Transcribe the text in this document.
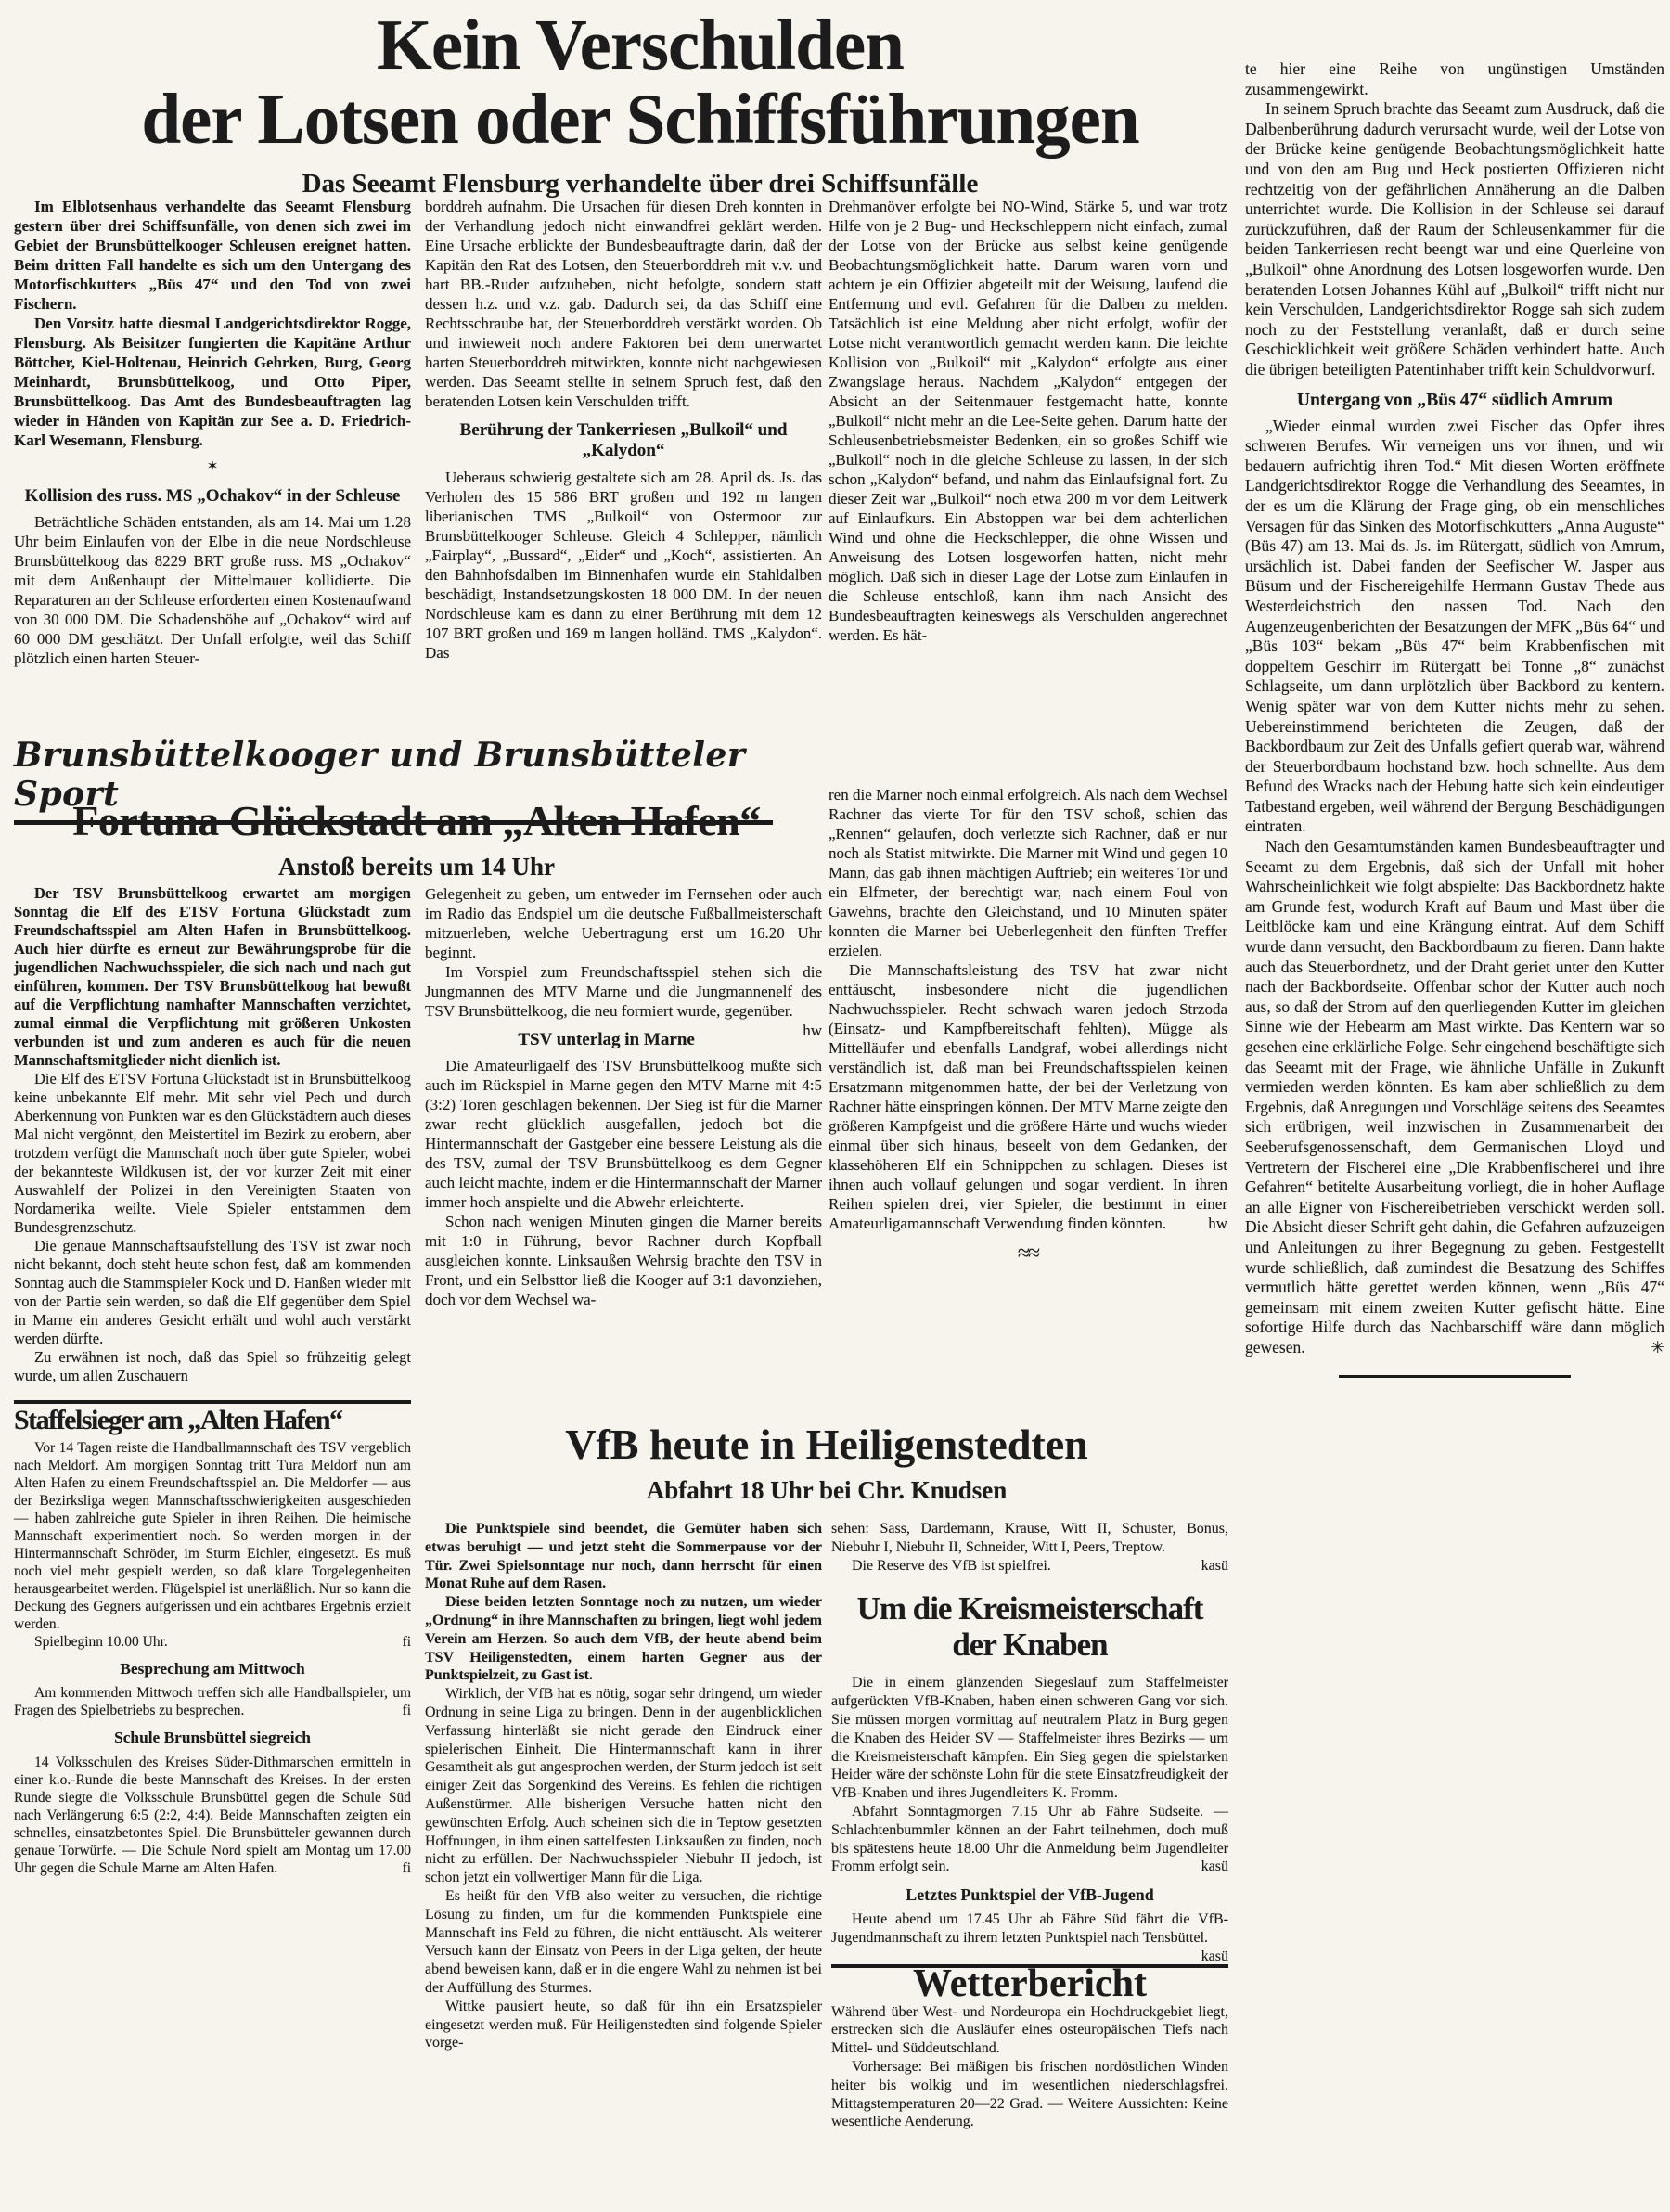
Kein Verschulden
der Lotsen oder Schiffsführungen
Das Seeamt Flensburg verhandelte über drei Schiffsunfälle

Im Elblotsenhaus verhandelte das Seeamt Flensburg gestern über drei Schiffsunfälle, von denen sich zwei im Gebiet der Brunsbüttelkooger Schleusen ereignet hatten. Beim dritten Fall handelte es sich um den Untergang des Motorfischkutters „Büs 47“ und den Tod von zwei Fischern.

Den Vorsitz hatte diesmal Landgerichtsdirektor Rogge, Flensburg. Als Beisitzer fungierten die Kapitäne Arthur Böttcher, Kiel-Holtenau, Heinrich Gehrken, Burg, Georg Meinhardt, Brunsbüttelkoog, und Otto Piper, Brunsbüttelkoog. Das Amt des Bundesbeauftragten lag wieder in Händen von Kapitän zur See a. D. Friedrich-Karl Wesemann, Flensburg.

✶
Kollision des russ. MS „Ochakov“ in der Schleuse

Beträchtliche Schäden entstanden, als am 14. Mai um 1.28 Uhr beim Einlaufen von der Elbe in die neue Nordschleuse Brunsbüttelkoog das 8229 BRT große russ. MS „Ochakov“ mit dem Außenhaupt der Mittelmauer kollidierte. Die Reparaturen an der Schleuse erforderten einen Kostenaufwand von 30 000 DM. Die Schadenshöhe auf „Ochakov“ wird auf 60 000 DM geschätzt. Der Unfall erfolgte, weil das Schiff plötzlich einen harten Steuer-

borddreh aufnahm. Die Ursachen für diesen Dreh konnten in der Verhandlung jedoch nicht einwandfrei geklärt werden. Eine Ursache erblickte der Bundesbeauftragte darin, daß der Kapitän den Rat des Lotsen, den Steuerborddreh mit v.v. und hart BB.-Ruder aufzuheben, nicht befolgte, sondern statt dessen h.z. und v.z. gab. Dadurch sei, da das Schiff eine Rechtsschraube hat, der Steuerborddreh verstärkt worden. Ob und inwieweit noch andere Faktoren bei dem unerwartet harten Steuerborddreh mitwirkten, konnte nicht nachgewiesen werden. Das Seeamt stellte in seinem Spruch fest, daß den beratenden Lotsen kein Verschulden trifft.

Berührung der Tankerriesen „Bulkoil“ und „Kalydon“

Ueberaus schwierig gestaltete sich am 28. April ds. Js. das Verholen des 15 586 BRT großen und 192 m langen liberianischen TMS „Bulkoil“ von Ostermoor zur Brunsbüttelkooger Schleuse. Gleich 4 Schlepper, nämlich „Fairplay“, „Bussard“, „Eider“ und „Koch“, assistierten. An den Bahnhofsdalben im Binnenhafen wurde ein Stahldalben beschädigt, Instandsetzungskosten 18 000 DM. In der neuen Nordschleuse kam es dann zu einer Berührung mit dem 12 107 BRT großen und 169 m langen holländ. TMS „Kalydon“. Das

Drehmanöver erfolgte bei NO-Wind, Stärke 5, und war trotz Hilfe von je 2 Bug- und Heckschleppern nicht einfach, zumal der Lotse von der Brücke aus selbst keine genügende Beobachtungsmöglichkeit hatte. Darum waren vorn und achtern je ein Offizier abgeteilt mit der Weisung, laufend die Entfernung und evtl. Gefahren für die Dalben zu melden. Tatsächlich ist eine Meldung aber nicht erfolgt, wofür der Lotse nicht verantwortlich gemacht werden kann. Die leichte Kollision von „Bulkoil“ mit „Kalydon“ erfolgte aus einer Zwangslage heraus. Nachdem „Kalydon“ entgegen der Absicht an der Seitenmauer festgemacht hatte, konnte „Bulkoil“ nicht mehr an die Lee-Seite gehen. Darum hatte der Schleusenbetriebsmeister Bedenken, ein so großes Schiff wie „Bulkoil“ noch in die gleiche Schleuse zu lassen, in der sich schon „Kalydon“ befand, und nahm das Einlaufsignal fort. Zu dieser Zeit war „Bulkoil“ noch etwa 200 m vor dem Leitwerk auf Einlaufkurs. Ein Abstoppen war bei dem achterlichen Wind und ohne die Heckschlepper, die ohne Wissen und Anweisung des Lotsen losgeworfen hatten, nicht mehr möglich. Daß sich in dieser Lage der Lotse zum Einlaufen in die Schleuse entschloß, kann ihm nach Ansicht des Bundesbeauftragten keineswegs als Verschulden angerechnet werden. Es hät-

te hier eine Reihe von ungünstigen Umständen zusammengewirkt.

In seinem Spruch brachte das Seeamt zum Ausdruck, daß die Dalbenberührung dadurch verursacht wurde, weil der Lotse von der Brücke keine genügende Beobachtungsmöglichkeit hatte und von den am Bug und Heck postierten Offizieren nicht rechtzeitig von der gefährlichen Annäherung an die Dalben unterrichtet wurde. Die Kollision in der Schleuse sei darauf zurückzuführen, daß der Raum der Schleusenkammer für die beiden Tankerriesen recht beengt war und eine Querleine von „Bulkoil“ ohne Anordnung des Lotsen losgeworfen wurde. Den beratenden Lotsen Johannes Kühl auf „Bulkoil“ trifft nicht nur kein Verschulden, Landgerichtsdirektor Rogge sah sich zudem noch zu der Feststellung veranlaßt, daß er durch seine Geschicklichkeit weit größere Schäden verhindert hatte. Auch die übrigen beteiligten Patentinhaber trifft kein Schuldvorwurf.

Untergang von „Büs 47“ südlich Amrum

„Wieder einmal wurden zwei Fischer das Opfer ihres schweren Berufes. Wir verneigen uns vor ihnen, und wir bedauern aufrichtig ihren Tod.“ Mit diesen Worten eröffnete Landgerichtsdirektor Rogge die Verhandlung des Seeamtes, in der es um die Klärung der Frage ging, ob ein menschliches Versagen für das Sinken des Motorfischkutters „Anna Auguste“ (Büs 47) am 13. Mai ds. Js. im Rütergatt, südlich von Amrum, ursächlich ist. Dabei fanden der Seefischer W. Jasper aus Büsum und der Fischereigehilfe Hermann Gustav Thede aus Westerdeichstrich den nassen Tod. Nach den Augenzeugenberichten der Besatzungen der MFK „Büs 64“ und „Büs 103“ bekam „Büs 47“ beim Krabbenfischen mit doppeltem Geschirr im Rütergatt bei Tonne „8“ zunächst Schlagseite, um dann urplötzlich über Backbord zu kentern. Wenig später war von dem Kutter nichts mehr zu sehen. Uebereinstimmend berichteten die Zeugen, daß der Backbordbaum zur Zeit des Unfalls gefiert querab war, während der Steuerbordbaum hochstand bzw. hoch schnellte. Aus dem Befund des Wracks nach der Hebung hatte sich kein eindeutiger Tatbestand ergeben, weil während der Bergung Beschädigungen eintraten.

Nach den Gesamtumständen kamen Bundesbeauftragter und Seeamt zu dem Ergebnis, daß sich der Unfall mit hoher Wahrscheinlichkeit wie folgt abspielte: Das Backbordnetz hakte am Grunde fest, wodurch Kraft auf Baum und Mast über die Leitblöcke kam und eine Krängung eintrat. Auf dem Schiff wurde dann versucht, den Backbordbaum zu fieren. Dann hakte auch das Steuerbordnetz, und der Draht geriet unter den Kutter nach der Backbordseite. Offenbar schor der Kutter auch noch aus, so daß der Strom auf den querliegenden Kutter im gleichen Sinne wie der Hebearm am Mast wirkte. Das Kentern war so gesehen eine erklärliche Folge. Sehr eingehend beschäftigte sich das Seeamt mit der Frage, wie ähnliche Unfälle in Zukunft vermieden werden könnten. Es kam aber schließlich zu dem Ergebnis, daß Anregungen und Vorschläge seitens des Seeamtes sich erübrigen, weil inzwischen in Zusammenarbeit der Seeberufsgenossenschaft, dem Germanischen Lloyd und Vertretern der Fischerei eine „Die Krabbenfischerei und ihre Gefahren“ betitelte Ausarbeitung vorliegt, die in hoher Auflage an alle Eigner von Fischereibetrieben verschickt werden soll. Die Absicht dieser Schrift geht dahin, die Gefahren aufzuzeigen und Anleitungen zu ihrer Begegnung zu geben. Festgestellt wurde schließlich, daß zumindest die Besatzung des Schiffes vermutlich hätte gerettet werden können, wenn „Büs 47“ gemeinsam mit einem zweiten Kutter gefischt hätte. Eine sofortige Hilfe durch das Nachbarschiff wäre dann möglich gewesen.	✳

Brunsbüttelkooger und Brunsbütteler Sport
Fortuna Glückstadt am „Alten Hafen“
Anstoß bereits um 14 Uhr

Der TSV Brunsbüttelkoog erwartet am morgigen Sonntag die Elf des ETSV Fortuna Glückstadt zum Freundschaftsspiel am Alten Hafen in Brunsbüttelkoog. Auch hier dürfte es erneut zur Bewährungsprobe für die jugendlichen Nachwuchsspieler, die sich nach und nach gut einführen, kommen. Der TSV Brunsbüttelkoog hat bewußt auf die Verpflichtung namhafter Mannschaften verzichtet, zumal einmal die Verpflichtung mit größeren Unkosten verbunden ist und zum anderen es auch für die neuen Mannschaftsmitglieder nicht dienlich ist.

Die Elf des ETSV Fortuna Glückstadt ist in Brunsbüttelkoog keine unbekannte Elf mehr. Mit sehr viel Pech und durch Aberkennung von Punkten war es den Glückstädtern auch dieses Mal nicht vergönnt, den Meistertitel im Bezirk zu erobern, aber trotzdem verfügt die Mannschaft noch über gute Spieler, wobei der bekannteste Wildkusen ist, der vor kurzer Zeit mit einer Auswahlelf der Polizei in den Vereinigten Staaten von Nordamerika weilte. Viele Spieler entstammen dem Bundesgrenzschutz.

Die genaue Mannschaftsaufstellung des TSV ist zwar noch nicht bekannt, doch steht heute schon fest, daß am kommenden Sonntag auch die Stammspieler Kock und D. Hanßen wieder mit von der Partie sein werden, so daß die Elf gegenüber dem Spiel in Marne ein anderes Gesicht erhält und wohl auch verstärkt werden dürfte.

Zu erwähnen ist noch, daß das Spiel so frühzeitig gelegt wurde, um allen Zuschauern

Staffelsieger am „Alten Hafen“

Vor 14 Tagen reiste die Handballmannschaft des TSV vergeblich nach Meldorf. Am morgigen Sonntag tritt Tura Meldorf nun am Alten Hafen zu einem Freundschaftsspiel an. Die Meldorfer — aus der Bezirksliga wegen Mannschaftsschwierigkeiten ausgeschieden — haben zahlreiche gute Spieler in ihren Reihen. Die heimische Mannschaft experimentiert noch. So werden morgen in der Hintermannschaft Schröder, im Sturm Eichler, eingesetzt. Es muß noch viel mehr gespielt werden, so daß klare Torgelegenheiten herausgearbeitet werden. Flügelspiel ist unerläßlich. Nur so kann die Deckung des Gegners aufgerissen und ein achtbares Ergebnis erzielt werden.

Spielbeginn 10.00 Uhr.	fi

Besprechung am Mittwoch

Am kommenden Mittwoch treffen sich alle Handballspieler, um Fragen des Spielbetriebs zu besprechen.	fi

Schule Brunsbüttel siegreich

14 Volksschulen des Kreises Süder-Dithmarschen ermitteln in einer k.o.-Runde die beste Mannschaft des Kreises. In der ersten Runde siegte die Volksschule Brunsbüttel gegen die Schule Süd nach Verlängerung 6:5 (2:2, 4:4). Beide Mannschaften zeigten ein schnelles, einsatzbetontes Spiel. Die Brunsbütteler gewannen durch genaue Torwürfe. — Die Schule Nord spielt am Montag um 17.00 Uhr gegen die Schule Marne am Alten Hafen.	fi

Gelegenheit zu geben, um entweder im Fernsehen oder auch im Radio das Endspiel um die deutsche Fußballmeisterschaft mitzuerleben, welche Uebertragung erst um 16.20 Uhr beginnt.

Im Vorspiel zum Freundschaftsspiel stehen sich die Jungmannen des MTV Marne und die Jungmannenelf des TSV Brunsbüttelkoog, die neu formiert wurde, gegenüber.
hw

TSV unterlag in Marne

Die Amateurligaelf des TSV Brunsbüttelkoog mußte sich auch im Rückspiel in Marne gegen den MTV Marne mit 4:5 (3:2) Toren geschlagen bekennen. Der Sieg ist für die Marner zwar recht glücklich ausgefallen, jedoch bot die Hintermannschaft der Gastgeber eine bessere Leistung als die des TSV, zumal der TSV Brunsbüttelkoog es dem Gegner auch leicht machte, indem er die Hintermannschaft der Marner immer hoch anspielte und die Abwehr erleichterte.

Schon nach wenigen Minuten gingen die Marner bereits mit 1:0 in Führung, bevor Rachner durch Kopfball ausgleichen konnte. Linksaußen Wehrsig brachte den TSV in Front, und ein Selbsttor ließ die Kooger auf 3:1 davonziehen, doch vor dem Wechsel wa-

ren die Marner noch einmal erfolgreich. Als nach dem Wechsel Rachner das vierte Tor für den TSV schoß, schien das „Rennen“ gelaufen, doch verletzte sich Rachner, daß er nur noch als Statist mitwirkte. Die Marner mit Wind und gegen 10 Mann, das gab ihnen mächtigen Auftrieb; ein weiteres Tor und ein Elfmeter, der berechtigt war, nach einem Foul von Gawehns, brachte den Gleichstand, und 10 Minuten später konnten die Marner bei Ueberlegenheit den fünften Treffer erzielen.

Die Mannschaftsleistung des TSV hat zwar nicht enttäuscht, insbesondere nicht die jugendlichen Nachwuchsspieler. Recht schwach waren jedoch Strzoda (Einsatz- und Kampfbereitschaft fehlten), Mügge als Mittelläufer und ebenfalls Landgraf, wobei allerdings nicht verständlich ist, daß man bei Freundschaftsspielen keinen Ersatzmann mitgenommen hatte, der bei der Verletzung von Rachner hätte einspringen können. Der MTV Marne zeigte den größeren Kampfgeist und die größere Härte und wuchs wieder einmal über sich hinaus, beseelt von dem Gedanken, der klassehöheren Elf ein Schnippchen zu schlagen. Dieses ist ihnen auch vollauf gelungen und sogar verdient. In ihren Reihen spielen drei, vier Spieler, die bestimmt in einer Amateurligamannschaft Verwendung finden könnten.	hw

≈≈
VfB heute in Heiligenstedten
Abfahrt 18 Uhr bei Chr. Knudsen

Die Punktspiele sind beendet, die Gemüter haben sich etwas beruhigt — und jetzt steht die Sommerpause vor der Tür. Zwei Spielsonntage nur noch, dann herrscht für einen Monat Ruhe auf dem Rasen.

Diese beiden letzten Sonntage noch zu nutzen, um wieder „Ordnung“ in ihre Mannschaften zu bringen, liegt wohl jedem Verein am Herzen. So auch dem VfB, der heute abend beim TSV Heiligenstedten, einem harten Gegner aus der Punktspielzeit, zu Gast ist.

Wirklich, der VfB hat es nötig, sogar sehr dringend, um wieder Ordnung in seine Liga zu bringen. Denn in der augenblicklichen Verfassung hinterläßt sie nicht gerade den Eindruck einer spielerischen Einheit. Die Hintermannschaft kann in ihrer Gesamtheit als gut angesprochen werden, der Sturm jedoch ist seit einiger Zeit das Sorgenkind des Vereins. Es fehlen die richtigen Außenstürmer. Alle bisherigen Versuche hatten nicht den gewünschten Erfolg. Auch scheinen sich die in Teptow gesetzten Hoffnungen, in ihm einen sattelfesten Linksaußen zu finden, noch nicht zu erfüllen. Der Nachwuchsspieler Niebuhr II jedoch, ist schon jetzt ein vollwertiger Mann für die Liga.

Es heißt für den VfB also weiter zu versuchen, die richtige Lösung zu finden, um für die kommenden Punktspiele eine Mannschaft ins Feld zu führen, die nicht enttäuscht. Als weiterer Versuch kann der Einsatz von Peers in der Liga gelten, der heute abend beweisen kann, daß er in die engere Wahl zu nehmen ist bei der Auffüllung des Sturmes.

Wittke pausiert heute, so daß für ihn ein Ersatzspieler eingesetzt werden muß. Für Heiligenstedten sind folgende Spieler vorge-

sehen: Sass, Dardemann, Krause, Witt II, Schuster, Bonus, Niebuhr I, Niebuhr II, Schneider, Witt I, Peers, Treptow.

Die Reserve des VfB ist spielfrei.	kasü

Um die Kreismeisterschaft
der Knaben

Die in einem glänzenden Siegeslauf zum Staffelmeister aufgerückten VfB-Knaben, haben einen schweren Gang vor sich. Sie müssen morgen vormittag auf neutralem Platz in Burg gegen die Knaben des Heider SV — Staffelmeister ihres Bezirks — um die Kreismeisterschaft kämpfen. Ein Sieg gegen die spielstarken Heider wäre der schönste Lohn für die stete Einsatzfreudigkeit der VfB-Knaben und ihres Jugendleiters K. Fromm.

Abfahrt Sonntagmorgen 7.15 Uhr ab Fähre Südseite. — Schlachtenbummler können an der Fahrt teilnehmen, doch muß bis spätestens heute 18.00 Uhr die Anmeldung beim Jugendleiter Fromm erfolgt sein.	kasü

Letztes Punktspiel der VfB-Jugend

Heute abend um 17.45 Uhr ab Fähre Süd fährt die VfB-Jugendmannschaft zu ihrem letzten Punktspiel nach Tensbüttel.
kasü

Wetterbericht

Während über West- und Nordeuropa ein Hochdruckgebiet liegt, erstrecken sich die Ausläufer eines osteuropäischen Tiefs nach Mittel- und Süddeutschland.

Vorhersage: Bei mäßigen bis frischen nordöstlichen Winden heiter bis wolkig und im wesentlichen niederschlagsfrei. Mittagstemperaturen 20—22 Grad. — Weitere Aussichten: Keine wesentliche Aenderung.
